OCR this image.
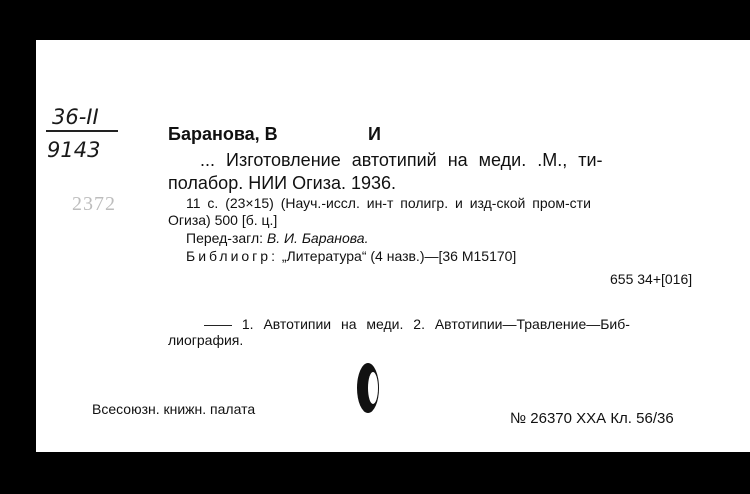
36-II
9143
2372
Баранова, В	И
... Изготовление автотипий на меди. .М., ти-
полабор. НИИ Огиза. 1936.
11 с. (23×15) (Науч.-иссл. ин-т полигр. и изд-ской пром-сти
Огиза) 500 [б. ц.]
Перед-загл: В. И. Баранова.
Библиогр: „Литература“ (4 назв.)—[36 М15170]
655 34+[016]
—— 1. Автотипии на меди. 2. Автотипии—Травление—Биб-
лиография.
Всесоюзн. книжн. палата
№ 26370 ХХА Кл. 56/36
